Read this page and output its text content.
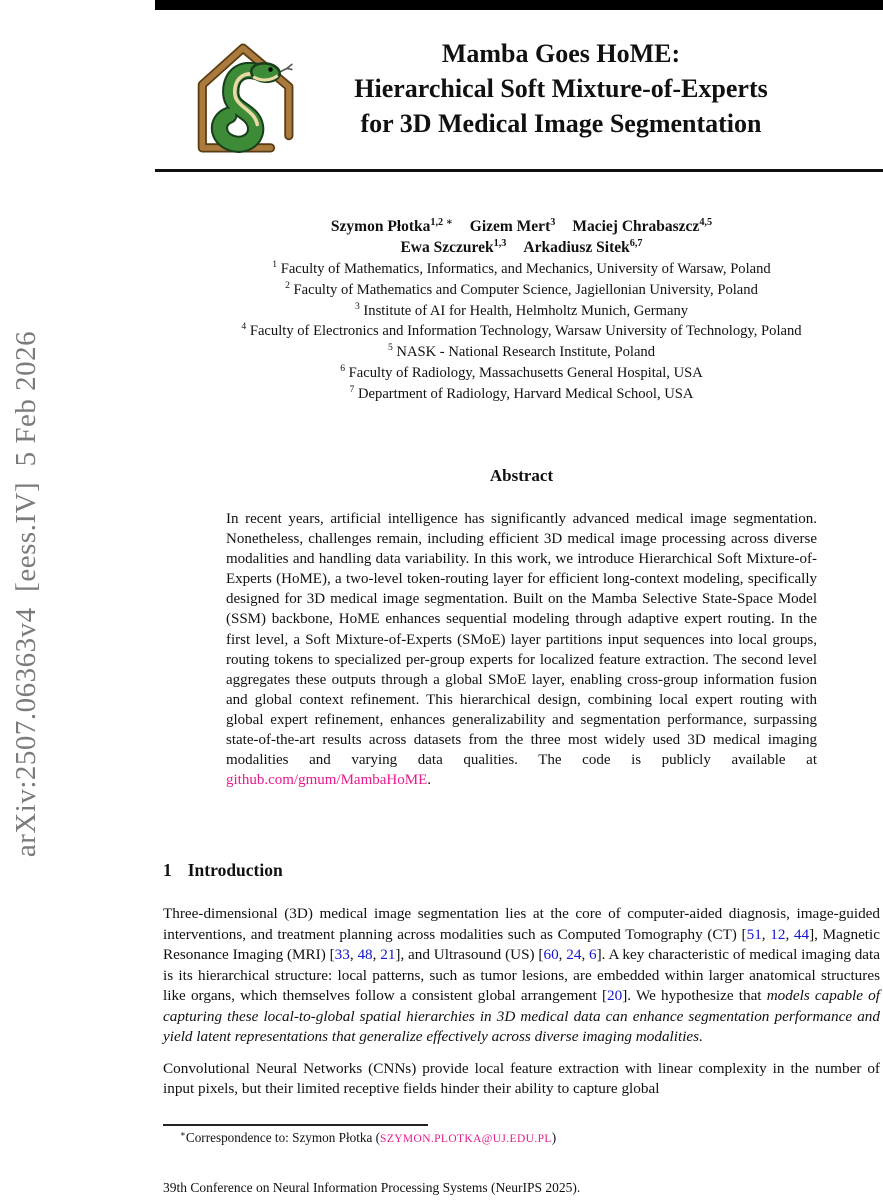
arXiv:2507.06363v4  [eess.IV]  5 Feb 2026
Mamba Goes HoME:
Hierarchical Soft Mixture-of-Experts
for 3D Medical Image Segmentation
Szymon Płotka$^{1,2 ∗}$ Gizem Mert$^3$ Maciej Chrabaszcz$^{4,5}$
Ewa Szczurek$^{1,3}$ Arkadiusz Sitek$^{6,7}$
$^1$ Faculty of Mathematics, Informatics, and Mechanics, University of Warsaw, Poland
$^2$ Faculty of Mathematics and Computer Science, Jagiellonian University, Poland
$^3$ Institute of AI for Health, Helmholtz Munich, Germany
$^4$ Faculty of Electronics and Information Technology, Warsaw University of Technology, Poland
$^5$ NASK - National Research Institute, Poland
$^6$ Faculty of Radiology, Massachusetts General Hospital, USA
$^7$ Department of Radiology, Harvard Medical School, USA
Abstract
In recent years, artificial intelligence has significantly advanced medical image segmentation. Nonetheless, challenges remain, including efficient 3D medical image processing across diverse modalities and handling data variability. In this work, we introduce Hierarchical Soft Mixture-of-Experts (HoME), a two-level token-routing layer for efficient long-context modeling, specifically designed for 3D medical image segmentation. Built on the Mamba Selective State-Space Model (SSM) backbone, HoME enhances sequential modeling through adaptive expert routing. In the first level, a Soft Mixture-of-Experts (SMoE) layer partitions input sequences into local groups, routing tokens to specialized per-group experts for localized feature extraction. The second level aggregates these outputs through a global SMoE layer, enabling cross-group information fusion and global context refinement. This hierarchical design, combining local expert routing with global expert refinement, enhances generalizability and segmentation performance, surpassing state-of-the-art results across datasets from the three most widely used 3D medical imaging modalities and varying data qualities. The code is publicly available at github.com/gmum/MambaHoME.
1 Introduction
Three-dimensional (3D) medical image segmentation lies at the core of computer-aided diagnosis, image-guided interventions, and treatment planning across modalities such as Computed Tomography (CT) [51, 12, 44], Magnetic Resonance Imaging (MRI) [33, 48, 21], and Ultrasound (US) [60, 24, 6]. A key characteristic of medical imaging data is its hierarchical structure: local patterns, such as tumor lesions, are embedded within larger anatomical structures like organs, which themselves follow a consistent global arrangement [20]. We hypothesize that models capable of capturing these local-to-global spatial hierarchies in 3D medical data can enhance segmentation performance and yield latent representations that generalize effectively across diverse imaging modalities.
Convolutional Neural Networks (CNNs) provide local feature extraction with linear complexity in the number of input pixels, but their limited receptive fields hinder their ability to capture global
∗Correspondence to: Szymon Płotka (SZYMON.PLOTKA@UJ.EDU.PL)
39th Conference on Neural Information Processing Systems (NeurIPS 2025).
